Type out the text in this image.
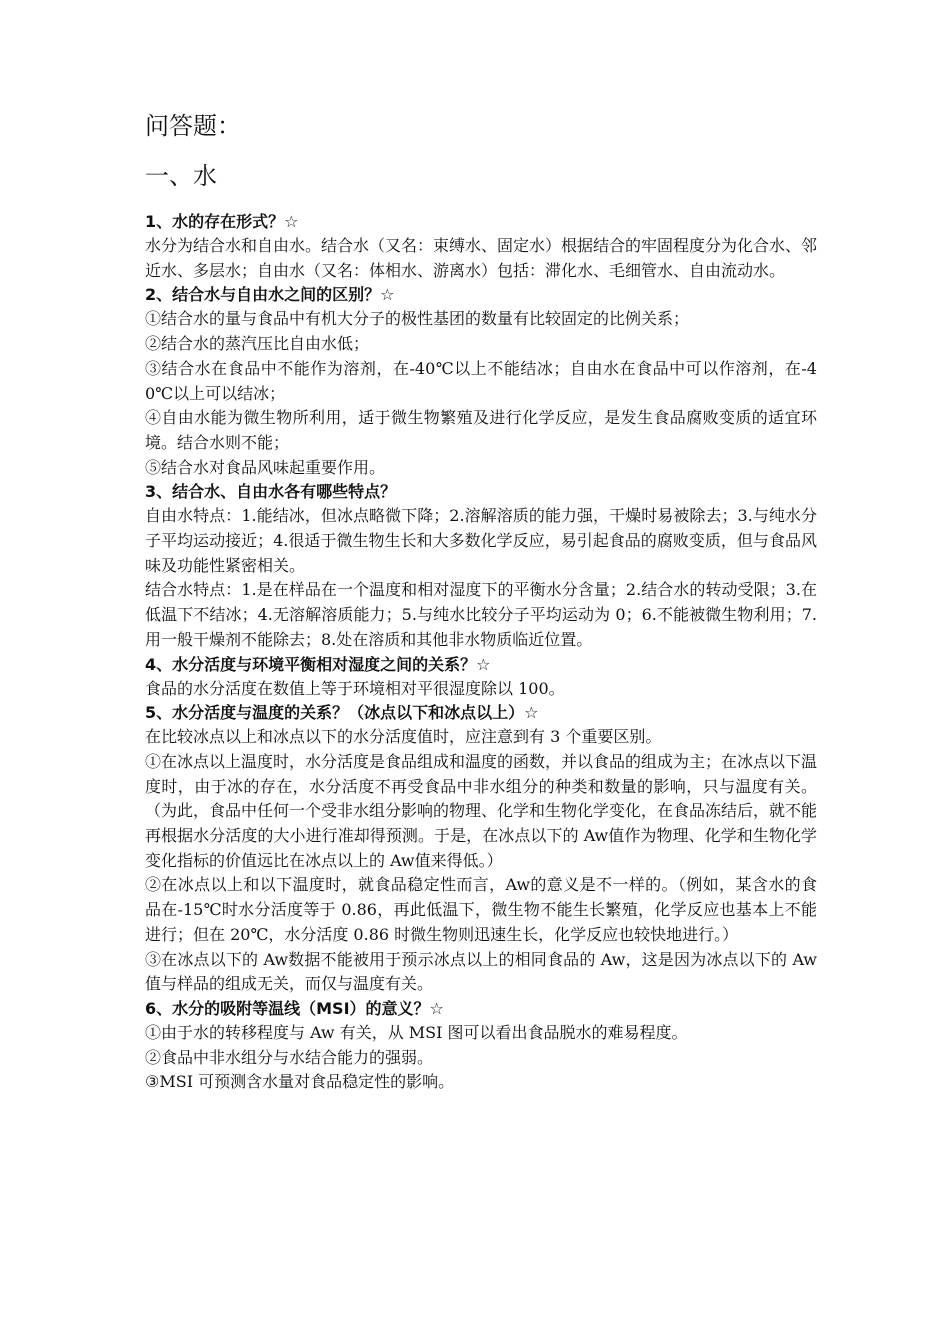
问答题：
一、水

1、水的存在形式？☆

水分为结合水和自由水。结合水（又名：束缚水、固定水）根据结合的牢固程度分为化合水、邻近水、多层水；自由水（又名：体相水、游离水）包括：滞化水、毛细管水、自由流动水。

2、结合水与自由水之间的区别？☆

①结合水的量与食品中有机大分子的极性基团的数量有比较固定的比例关系；

②结合水的蒸汽压比自由水低；

③结合水在食品中不能作为溶剂，在-40℃以上不能结冰；自由水在食品中可以作溶剂，在-40℃以上可以结冰；

④自由水能为微生物所利用，适于微生物繁殖及进行化学反应，是发生食品腐败变质的适宜环境。结合水则不能；

⑤结合水对食品风味起重要作用。

3、结合水、自由水各有哪些特点？

自由水特点：1.能结冰，但冰点略微下降；2.溶解溶质的能力强，干燥时易被除去；3.与纯水分子平均运动接近；4.很适于微生物生长和大多数化学反应，易引起食品的腐败变质，但与食品风味及功能性紧密相关。

结合水特点：1.是在样品在一个温度和相对湿度下的平衡水分含量；2.结合水的转动受限；3.在低温下不结冰；4.无溶解溶质能力；5.与纯水比较分子平均运动为 0；6.不能被微生物利用；7.用一般干燥剂不能除去；8.处在溶质和其他非水物质临近位置。

4、水分活度与环境平衡相对湿度之间的关系？☆

食品的水分活度在数值上等于环境相对平很湿度除以 100。

5、水分活度与温度的关系？（冰点以下和冰点以上）☆

在比较冰点以上和冰点以下的水分活度值时，应注意到有 3 个重要区别。

①在冰点以上温度时，水分活度是食品组成和温度的函数，并以食品的组成为主；在冰点以下温度时，由于冰的存在，水分活度不再受食品中非水组分的种类和数量的影响，只与温度有关。（为此，食品中任何一个受非水组分影响的物理、化学和生物化学变化，在食品冻结后，就不能再根据水分活度的大小进行准却得预测。于是，在冰点以下的 Aw值作为物理、化学和生物化学变化指标的价值远比在冰点以上的 Aw值来得低。）

②在冰点以上和以下温度时，就食品稳定性而言，Aw的意义是不一样的。（例如，某含水的食品在-15℃时水分活度等于 0.86，再此低温下，微生物不能生长繁殖，化学反应也基本上不能进行；但在 20℃，水分活度 0.86 时微生物则迅速生长，化学反应也较快地进行。）

③在冰点以下的 Aw数据不能被用于预示冰点以上的相同食品的 Aw，这是因为冰点以下的 Aw值与样品的组成无关，而仅与温度有关。

6、水分的吸附等温线（MSI）的意义？☆

①由于水的转移程度与 Aw 有关，从 MSI 图可以看出食品脱水的难易程度。

②食品中非水组分与水结合能力的强弱。

③MSI 可预测含水量对食品稳定性的影响。
